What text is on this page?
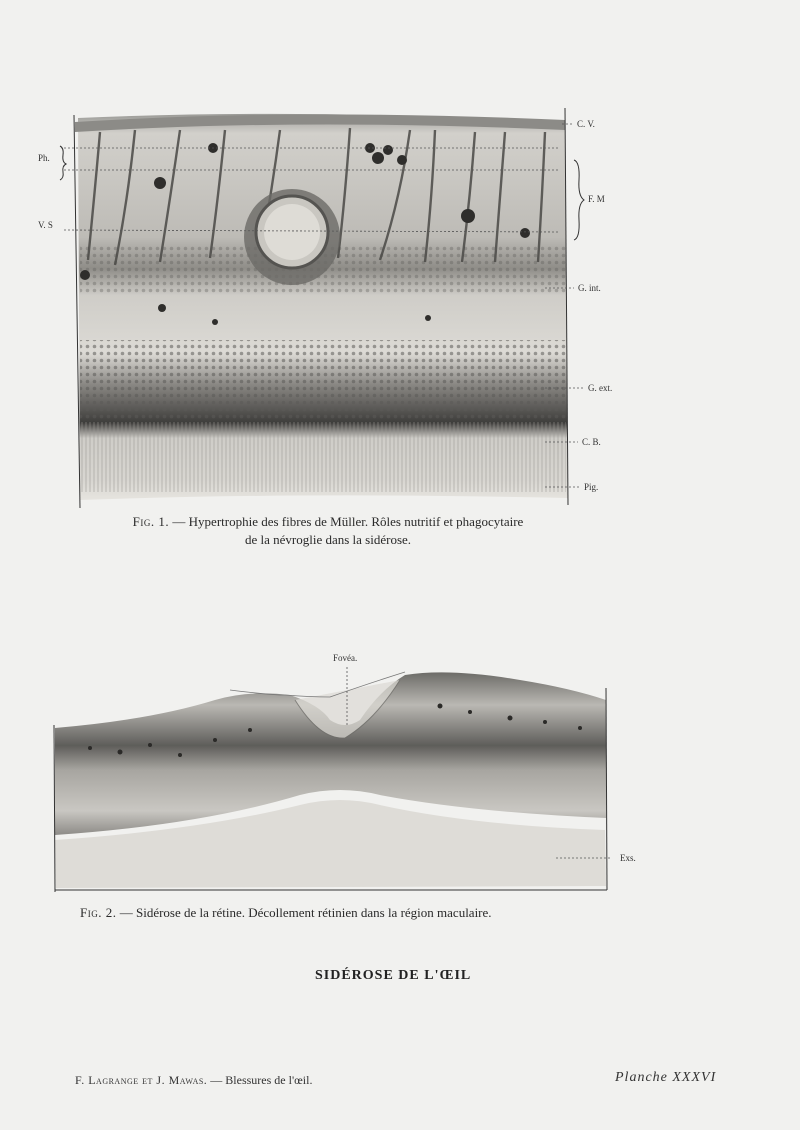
Ph.
V. S
C. V.
F. M
G. int.
G. ext.
C. B.
Pig.
Fig. 1. — Hypertrophie des fibres de Müller. Rôles nutritif et phagocytaire
de la névroglie dans la sidérose.
Fovéa.
Exs.
Fig. 2. — Sidérose de la rétine. Décollement rétinien dans la région maculaire.
SIDÉROSE DE L'ŒIL
F. Lagrange et J. Mawas. — Blessures de l'œil.	Planche XXXVI
